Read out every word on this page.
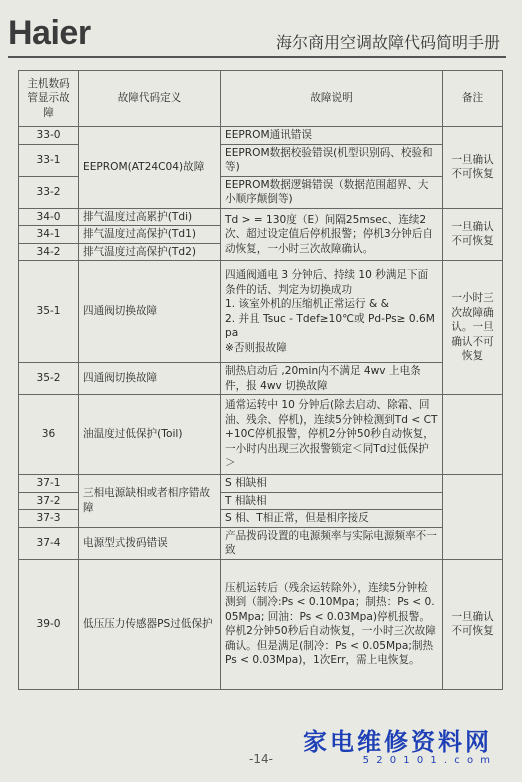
Haier	海尔商用空调故障代码简明手册
主机数码管显示故障	故障代码定义	故障说明	备注
33-0	EEPROM(AT24C04)故障	EEPROM通讯错误	一旦确认不可恢复
33-1		EEPROM数据校验错误(机型识别码、校验和等)	
33-2		EEPROM数据逻辑错误（数据范围超界、大小顺序颠倒等)	
34-0	排气温度过高累护(Tdi)	Td > = 130度（E）间隔25msec、连续2次、超过设定值后停机报警；停机3分钟后自动恢复，一小时三次故障确认。	一旦确认不可恢复
34-1	排气温度过高保护(Td1)		
34-2	排气温度过高保护(Td2)		
35-1	四通阀切换故障	四通阀通电 3 分钟后、持续 10 秒满足下面条件的话、判定为切换成功
1. 该室外机的压缩机正常运行 & &
2. 并且 Tsuc - Tdef≥10℃或 Pd-Ps≥ 0.6Mpa
※否则报故障	一小时三次故障确认。一旦确认不可恢复
35-2	四通阀切换故障	制热启动后 ,20min内不满足 4wv 上电条件，报 4wv 切换故障	
36	油温度过低保护(Toil)	通常运转中 10 分钟后(除去启动、除霜、回油、残余、停机)，连续5分钟检测到Td < CT+10C停机报警，停机2分钟50秒自动恢复，一小时内出现三次报警锁定＜同Td过低保护＞	
37-1	三相电源缺相或者相序错故障	S 相缺相	
37-2		T 相缺相	
37-3		S 相、T相正常，但是相序接反	
37-4	电源型式拨码错误	产品拨码设置的电源频率与实际电源频率不一致	
39-0	低压压力传感器PS过低保护	压机运转后（残余运转除外），连续5分钟检测到（制冷:Ps < 0.10Mpa；制热：Ps < 0.05Mpa; 回油：Ps < 0.03Mpa)停机报警。停机2分钟50秒后自动恢复，一小时三次故障确认。但是满足(制冷：Ps < 0.05Mpa;制热Ps < 0.03Mpa)，1次Err，需上电恢复。	一旦确认不可恢复
-14-
家电维修资料网
5 2 0 1 0 1 . c o m
